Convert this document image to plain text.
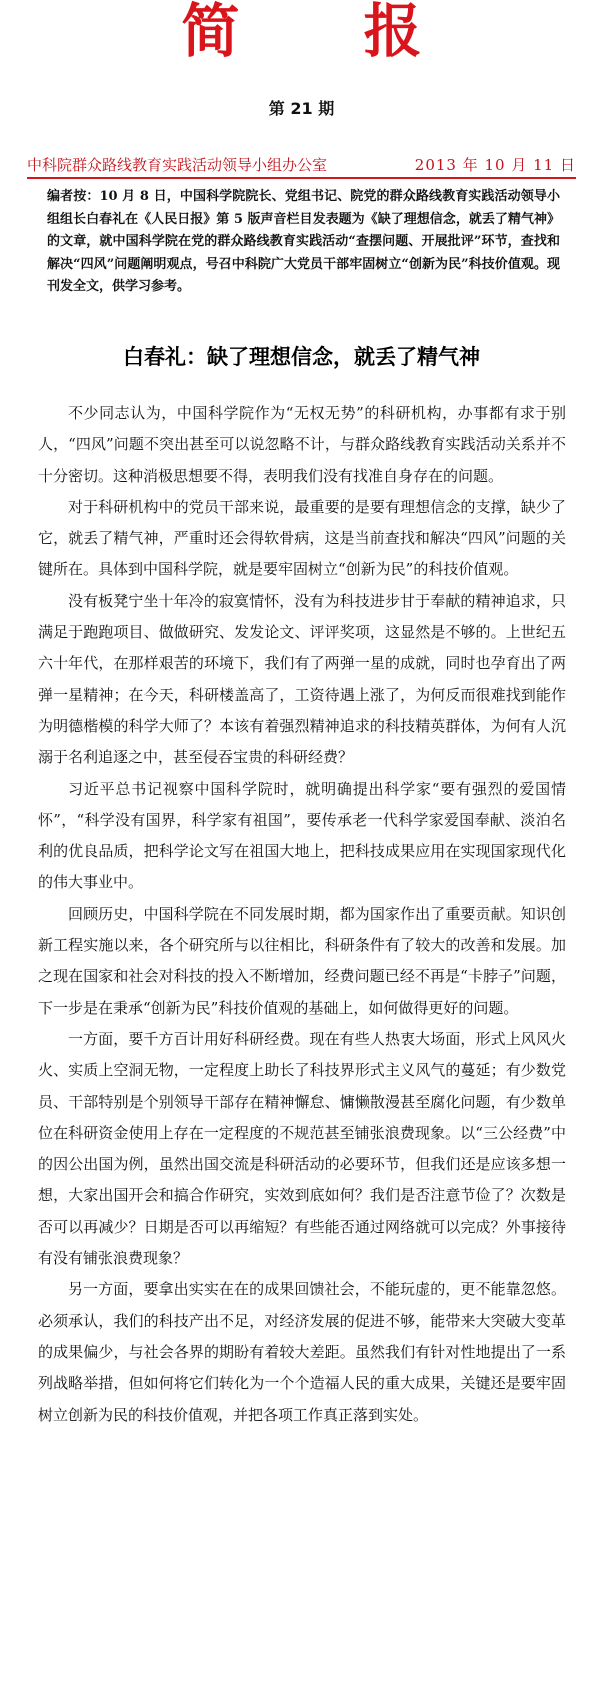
简 报
第 21 期
中科院群众路线教育实践活动领导小组办公室	2013 年 10 月 11 日
编者按：10 月 8 日，中国科学院院长、党组书记、院党的群众路线教育实践活动领导小组组长白春礼在《人民日报》第 5 版声音栏目发表题为《缺了理想信念，就丢了精气神》的文章，就中国科学院在党的群众路线教育实践活动“查摆问题、开展批评”环节，查找和解决“四风”问题阐明观点，号召中科院广大党员干部牢固树立“创新为民”科技价值观。现刊发全文，供学习参考。
白春礼：缺了理想信念，就丢了精气神

不少同志认为，中国科学院作为“无权无势”的科研机构，办事都有求于别人，“四风”问题不突出甚至可以说忽略不计，与群众路线教育实践活动关系并不十分密切。这种消极思想要不得，表明我们没有找准自身存在的问题。

对于科研机构中的党员干部来说，最重要的是要有理想信念的支撑，缺少了它，就丢了精气神，严重时还会得软骨病，这是当前查找和解决“四风”问题的关键所在。具体到中国科学院，就是要牢固树立“创新为民”的科技价值观。

没有板凳宁坐十年冷的寂寞情怀，没有为科技进步甘于奉献的精神追求，只满足于跑跑项目、做做研究、发发论文、评评奖项，这显然是不够的。上世纪五六十年代，在那样艰苦的环境下，我们有了两弹一星的成就，同时也孕育出了两弹一星精神；在今天，科研楼盖高了，工资待遇上涨了，为何反而很难找到能作为明德楷模的科学大师了？本该有着强烈精神追求的科技精英群体，为何有人沉溺于名利追逐之中，甚至侵吞宝贵的科研经费？

习近平总书记视察中国科学院时，就明确提出科学家“要有强烈的爱国情怀”，“科学没有国界，科学家有祖国”，要传承老一代科学家爱国奉献、淡泊名利的优良品质，把科学论文写在祖国大地上，把科技成果应用在实现国家现代化的伟大事业中。

回顾历史，中国科学院在不同发展时期，都为国家作出了重要贡献。知识创新工程实施以来，各个研究所与以往相比，科研条件有了较大的改善和发展。加之现在国家和社会对科技的投入不断增加，经费问题已经不再是“卡脖子”问题，下一步是在秉承“创新为民”科技价值观的基础上，如何做得更好的问题。

一方面，要千方百计用好科研经费。现在有些人热衷大场面，形式上风风火火、实质上空洞无物，一定程度上助长了科技界形式主义风气的蔓延；有少数党员、干部特别是个别领导干部存在精神懈怠、慵懒散漫甚至腐化问题，有少数单位在科研资金使用上存在一定程度的不规范甚至铺张浪费现象。以“三公经费”中的因公出国为例，虽然出国交流是科研活动的必要环节，但我们还是应该多想一想，大家出国开会和搞合作研究，实效到底如何？我们是否注意节俭了？次数是否可以再减少？日期是否可以再缩短？有些能否通过网络就可以完成？外事接待有没有铺张浪费现象？

另一方面，要拿出实实在在的成果回馈社会，不能玩虚的，更不能靠忽悠。必须承认，我们的科技产出不足，对经济发展的促进不够，能带来大突破大变革的成果偏少，与社会各界的期盼有着较大差距。虽然我们有针对性地提出了一系列战略举措，但如何将它们转化为一个个造福人民的重大成果，关键还是要牢固树立创新为民的科技价值观，并把各项工作真正落到实处。
